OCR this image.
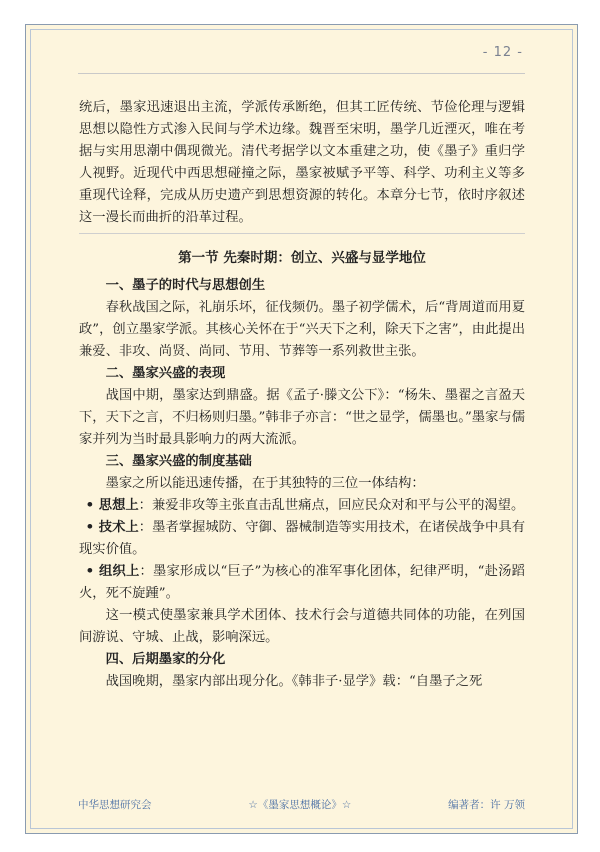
- 12 -
统后，墨家迅速退出主流，学派传承断绝，但其工匠传统、节俭伦理与逻辑思想以隐性方式渗入民间与学术边缘。魏晋至宋明，墨学几近湮灭，唯在考据与实用思潮中偶现微光。清代考据学以文本重建之功，使《墨子》重归学人视野。近现代中西思想碰撞之际，墨家被赋予平等、科学、功利主义等多重现代诠释，完成从历史遗产到思想资源的转化。本章分七节，依时序叙述这一漫长而曲折的沿革过程。
第一节 先秦时期：创立、兴盛与显学地位

一、墨子的时代与思想创生

春秋战国之际，礼崩乐坏，征伐频仍。墨子初学儒术，后“背周道而用夏政”，创立墨家学派。其核心关怀在于“兴天下之利，除天下之害”，由此提出兼爱、非攻、尚贤、尚同、节用、节葬等一系列救世主张。

二、墨家兴盛的表现

战国中期，墨家达到鼎盛。据《孟子·滕文公下》：“杨朱、墨翟之言盈天下，天下之言，不归杨则归墨。”韩非子亦言：“世之显学，儒墨也。”墨家与儒家并列为当时最具影响力的两大流派。

三、墨家兴盛的制度基础

墨家之所以能迅速传播，在于其独特的三位一体结构：

• 思想上：兼爱非攻等主张直击乱世痛点，回应民众对和平与公平的渴望。

• 技术上：墨者掌握城防、守御、器械制造等实用技术，在诸侯战争中具有现实价值。

• 组织上：墨家形成以“巨子”为核心的准军事化团体，纪律严明，“赴汤蹈火，死不旋踵”。

这一模式使墨家兼具学术团体、技术行会与道德共同体的功能，在列国间游说、守城、止战，影响深远。

四、后期墨家的分化

战国晚期，墨家内部出现分化。《韩非子·显学》载：“自墨子之死

中华思想研究会	☆《墨家思想概论》☆	编著者：许 万领
